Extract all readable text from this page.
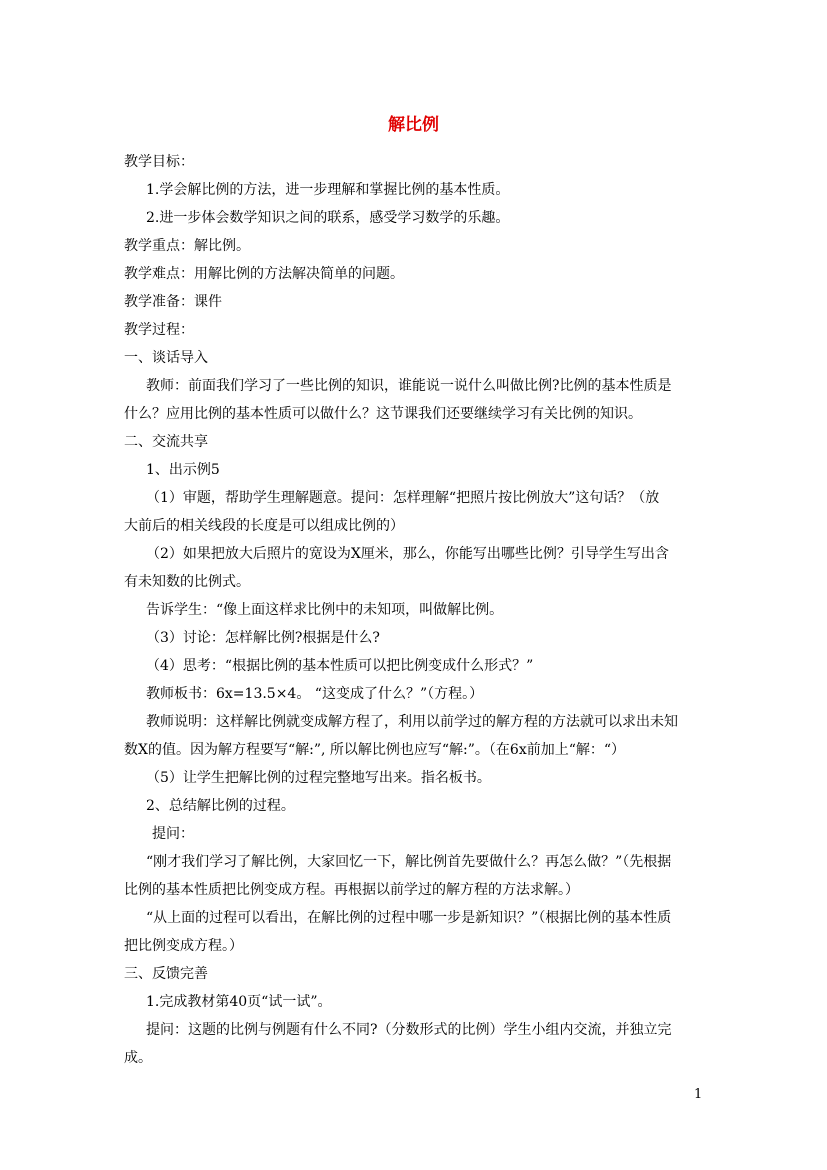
解比例
教学目标：
1.学会解比例的方法，进一步理解和掌握比例的基本性质。
2.进一步体会数学知识之间的联系，感受学习数学的乐趣。
教学重点：解比例。
教学难点：用解比例的方法解决简单的问题。
教学准备：课件
教学过程：
一、谈话导入
教师：前面我们学习了一些比例的知识，谁能说一说什么叫做比例?比例的基本性质是
什么？应用比例的基本性质可以做什么？这节课我们还要继续学习有关比例的知识。
二、交流共享
1、出示例5
（1）审题，帮助学生理解题意。提问：怎样理解“把照片按比例放大”这句话？（放
大前后的相关线段的长度是可以组成比例的）
（2）如果把放大后照片的宽设为X厘米，那么，你能写出哪些比例？引导学生写出含
有未知数的比例式。
告诉学生：“像上面这样求比例中的未知项，叫做解比例。
（3）讨论：怎样解比例?根据是什么?
（4）思考：“根据比例的基本性质可以把比例变成什么形式？”
教师板书：6x=13.5×4。 “这变成了什么？”（方程。）
教师说明：这样解比例就变成解方程了，利用以前学过的解方程的方法就可以求出未知
数X的值。因为解方程要写“解:”, 所以解比例也应写“解:”。（在6x前加上“解：“）
（5）让学生把解比例的过程完整地写出来。指名板书。
2、总结解比例的过程。
提问：
“刚才我们学习了解比例，大家回忆一下，解比例首先要做什么？再怎么做？”（先根据
比例的基本性质把比例变成方程。再根据以前学过的解方程的方法求解。）
“从上面的过程可以看出，在解比例的过程中哪一步是新知识？”（根据比例的基本性质
把比例变成方程。）
三、反馈完善
1.完成教材第40页“试一试”。
提问：这题的比例与例题有什么不同?（分数形式的比例）学生小组内交流，并独立完
成。
1
